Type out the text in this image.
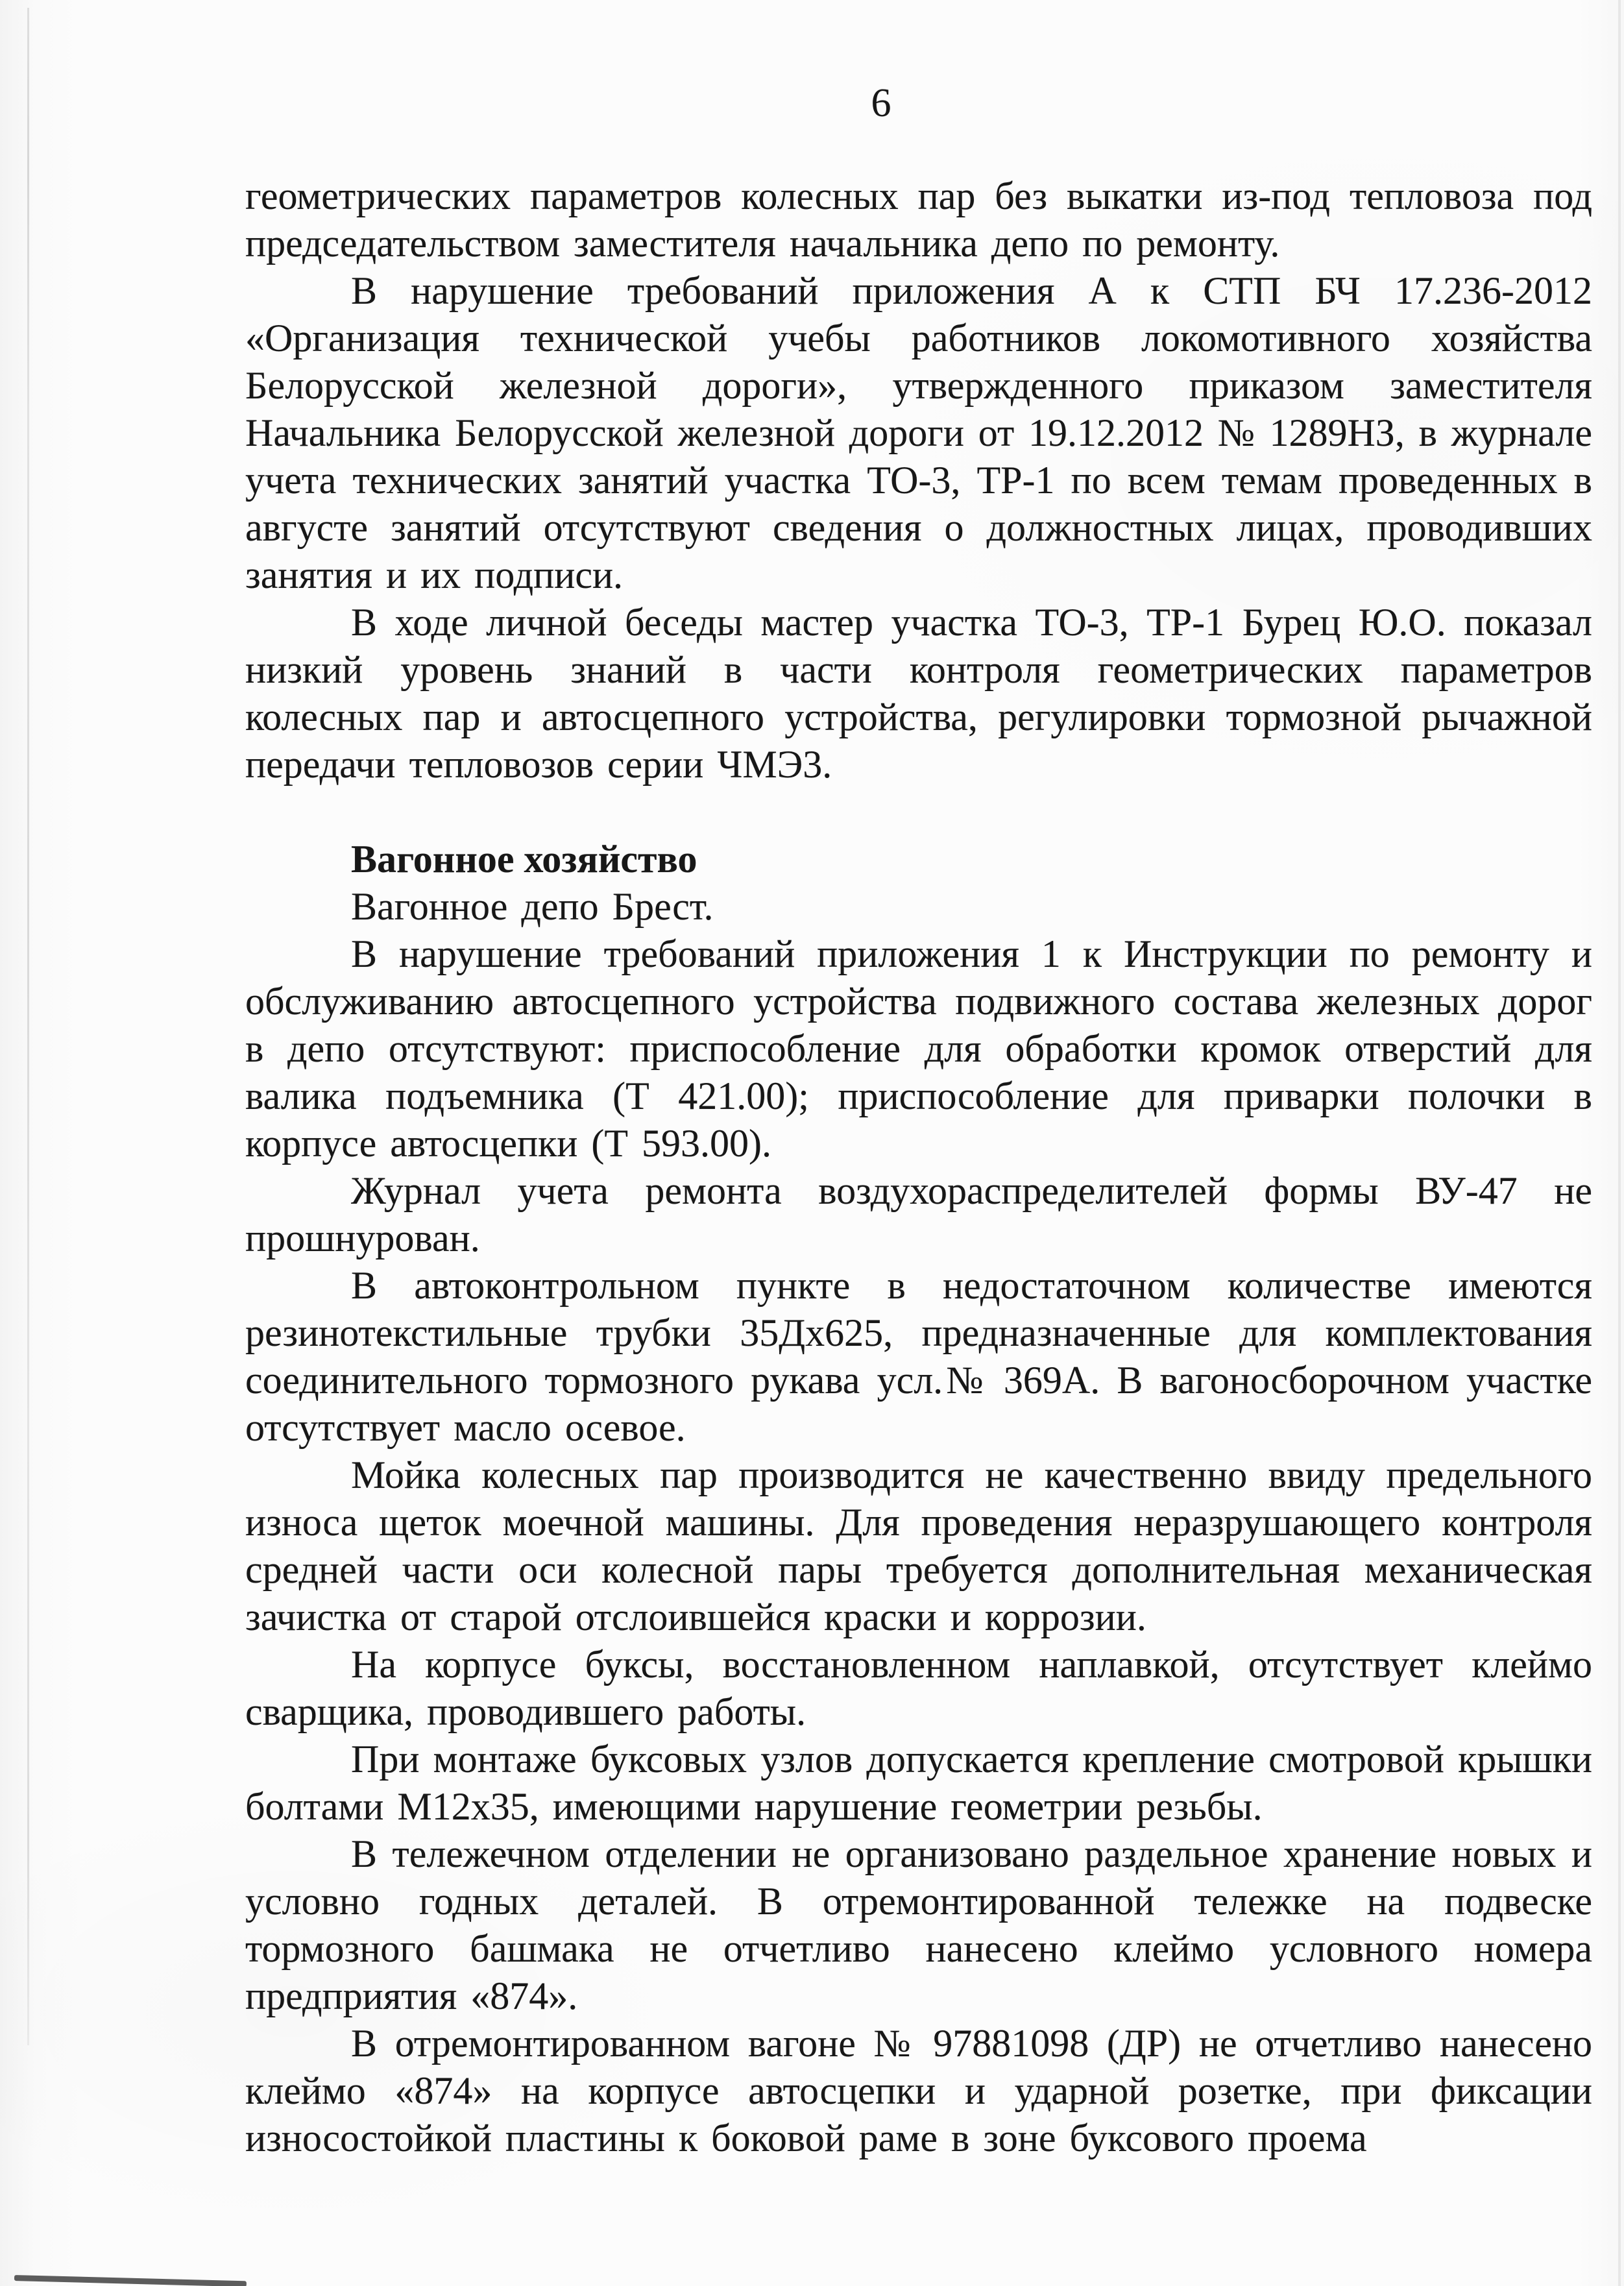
6

геометрических параметров колесных пар без выкатки из-под тепловоза под председательством заместителя начальника депо по ремонту.

В нарушение требований приложения А к СТП БЧ 17.236-2012 «Организация технической учебы работников локомотивного хозяйства Белорусской железной дороги», утвержденного приказом заместителя Начальника Белорусской железной дороги от 19.12.2012 № 1289НЗ, в журнале учета технических занятий участка ТО-3, ТР-1 по всем темам проведенных в августе занятий отсутствуют сведения о должностных лицах, проводивших занятия и их подписи.

В ходе личной беседы мастер участка ТО-3, ТР-1 Бурец Ю.О. показал низкий уровень знаний в части контроля геометрических параметров колесных пар и автосцепного устройства, регулировки тормозной рычажной передачи тепловозов серии ЧМЭ3.

Вагонное хозяйство

Вагонное депо Брест.

В нарушение требований приложения 1 к Инструкции по ремонту и обслуживанию автосцепного устройства подвижного состава железных дорог в депо отсутствуют: приспособление для обработки кромок отверстий для валика подъемника (Т 421.00); приспособление для приварки полочки в корпусе автосцепки (Т 593.00).

Журнал учета ремонта воздухораспределителей формы ВУ-47 не прошнурован.

В автоконтрольном пункте в недостаточном количестве имеются резинотекстильные трубки 35Дх625, предназначенные для комплектования соединительного тормозного рукава усл.№ 369А. В вагоносборочном участке отсутствует масло осевое.

Мойка колесных пар производится не качественно ввиду предельного износа щеток моечной машины. Для проведения неразрушающего контроля средней части оси колесной пары требуется дополнительная механическая зачистка от старой отслоившейся краски и коррозии.

На корпусе буксы, восстановленном наплавкой, отсутствует клеймо сварщика, проводившего работы.

При монтаже буксовых узлов допускается крепление смотровой крышки болтами М12х35, имеющими нарушение геометрии резьбы.

В тележечном отделении не организовано раздельное хранение новых и условно годных деталей. В отремонтированной тележке на подвеске тормозного башмака не отчетливо нанесено клеймо условного номера предприятия «874».

В отремонтированном вагоне № 97881098 (ДР) не отчетливо нанесено клеймо «874» на корпусе автосцепки и ударной розетке, при фиксации износостойкой пластины к боковой раме в зоне буксового проема
